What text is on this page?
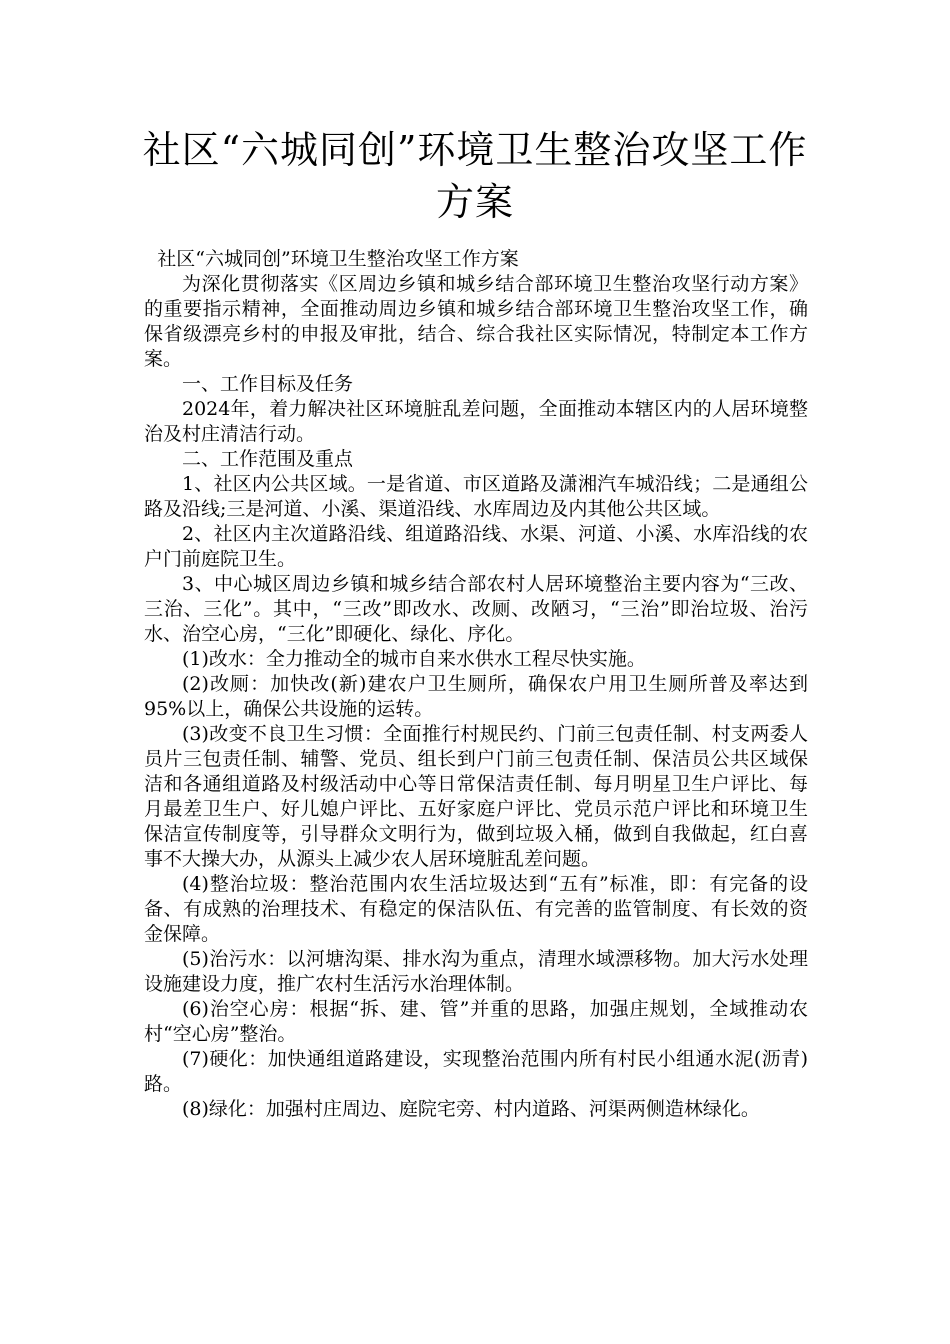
社区“六城同创”环境卫生整治攻坚工作方案

社区“六城同创”环境卫生整治攻坚工作方案

为深化贯彻落实《区周边乡镇和城乡结合部环境卫生整治攻坚行动方案》的重要指示精神，全面推动周边乡镇和城乡结合部环境卫生整治攻坚工作，确保省级漂亮乡村的申报及审批，结合、综合我社区实际情况，特制定本工作方案。

一、工作目标及任务

2024年，着力解决社区环境脏乱差问题，全面推动本辖区内的人居环境整治及村庄清洁行动。

二、工作范围及重点

1、社区内公共区域。一是省道、市区道路及潇湘汽车城沿线；二是通组公路及沿线;三是河道、小溪、渠道沿线、水库周边及内其他公共区域。

2、社区内主次道路沿线、组道路沿线、水渠、河道、小溪、水库沿线的农户门前庭院卫生。

3、中心城区周边乡镇和城乡结合部农村人居环境整治主要内容为“三改、三治、三化”。其中，“三改”即改水、改厕、改陋习，“三治”即治垃圾、治污水、治空心房，“三化”即硬化、绿化、序化。

(1)改水：全力推动全的城市自来水供水工程尽快实施。

(2)改厕：加快改(新)建农户卫生厕所，确保农户用卫生厕所普及率达到95%以上，确保公共设施的运转。

(3)改变不良卫生习惯：全面推行村规民约、门前三包责任制、村支两委人员片三包责任制、辅警、党员、组长到户门前三包责任制、保洁员公共区域保洁和各通组道路及村级活动中心等日常保洁责任制、每月明星卫生户评比、每月最差卫生户、好儿媳户评比、五好家庭户评比、党员示范户评比和环境卫生保洁宣传制度等，引导群众文明行为，做到垃圾入桶，做到自我做起，红白喜事不大操大办，从源头上减少农人居环境脏乱差问题。

(4)整治垃圾：整治范围内农生活垃圾达到“五有”标准，即：有完备的设备、有成熟的治理技术、有稳定的保洁队伍、有完善的监管制度、有长效的资金保障。

(5)治污水：以河塘沟渠、排水沟为重点，清理水域漂移物。加大污水处理设施建设力度，推广农村生活污水治理体制。

(6)治空心房：根据“拆、建、管”并重的思路，加强庄规划，全域推动农村“空心房”整治。

(7)硬化：加快通组道路建设，实现整治范围内所有村民小组通水泥(沥青)路。

(8)绿化：加强村庄周边、庭院宅旁、村内道路、河渠两侧造林绿化。
